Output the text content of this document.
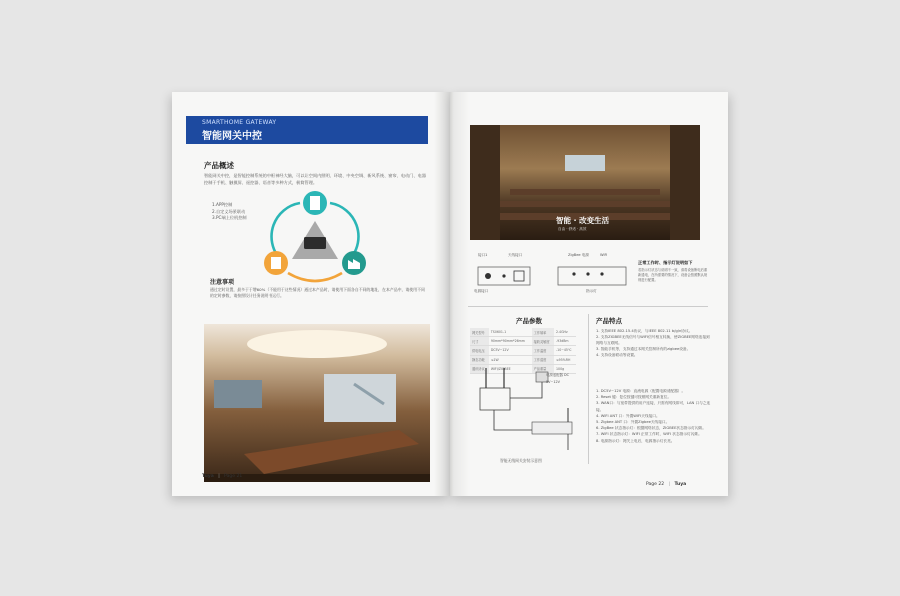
SMARTHOME GATEWAY
智能网关中控
产品概述
智能网关中控，是智能控制系统的中枢神经大脑，可以让空间内照明、环境、中央空调、新风系统、窗帘、电动门、电器控制于手机、触摸屏、遥控器、语音等多种方式，极简管理。
1.APP控制
2.自定义场景联动
3.PC端上位机控制
注意事项
通过定时设置，最多于于增60%（不能用于这些情况）通过本产品时，请使用下面各自不同的地址，在本产品中，请使用不同的定时参数，请按照设计任务说明书运行。
Tuya | Page 21
智能 · 改变生活
自由 · 舒适 · 高效
接口1	天线接口
电源接口
ZigBee 电源	WiFi
指示灯
正常工作时、指示灯说明如下
若指示灯状态与说明不一致，请将设备断电后重新通电，在所需要的情况下，设备会按照默认规则进行配置。
产品参数
网关型号	TS0601-1	工作频率	2.4GHz
尺寸	90mm*90mm*26mm	接收灵敏度	-93dBm
供电电压	DC5V~12V	工作温度	-10~45℃
静态功耗	≤1W	工作湿度	≤95%RH
通讯协议	WIFI/ZIGBEE	产品重量	100g
电源适配器 DC 5V~12V
智能无线网关安装示意图
产品特点
1. 支持IEEE 802.15.4协议，与IEEE 802.11 b/g/n协议。
2. 支持ZIGBEE无线信号与WIFI信号相互转换，使ZIGBEE网络连接到网络与互联网。
3. 智能手机等，支持通过本网关控制所有的zigbee设备。
4. 支持设备联动等设置。
1. DC5V~12V 电源：直流电源（配置电源适配器）。
2. Reset 键：复位按键可按照网关重新复位。
3. WAN口：与宽带提供的用户连接，只需有网线即可，LAN 口与之连接。
4. WIFI ANT 口：外置WIFI天线接口。
5. Zigbee ANT 口：外置Zigbee天线接口。
6. ZigBee 状态指示灯：根据网络状态，ZIGBEE状态指示灯闪烁。
7. WIFI 状态指示灯：WIFI 正常工作时，WIFI 状态指示灯闪烁。
8. 电源指示灯：网关上电后，电源指示灯长亮。
Page 22 | Tuya
